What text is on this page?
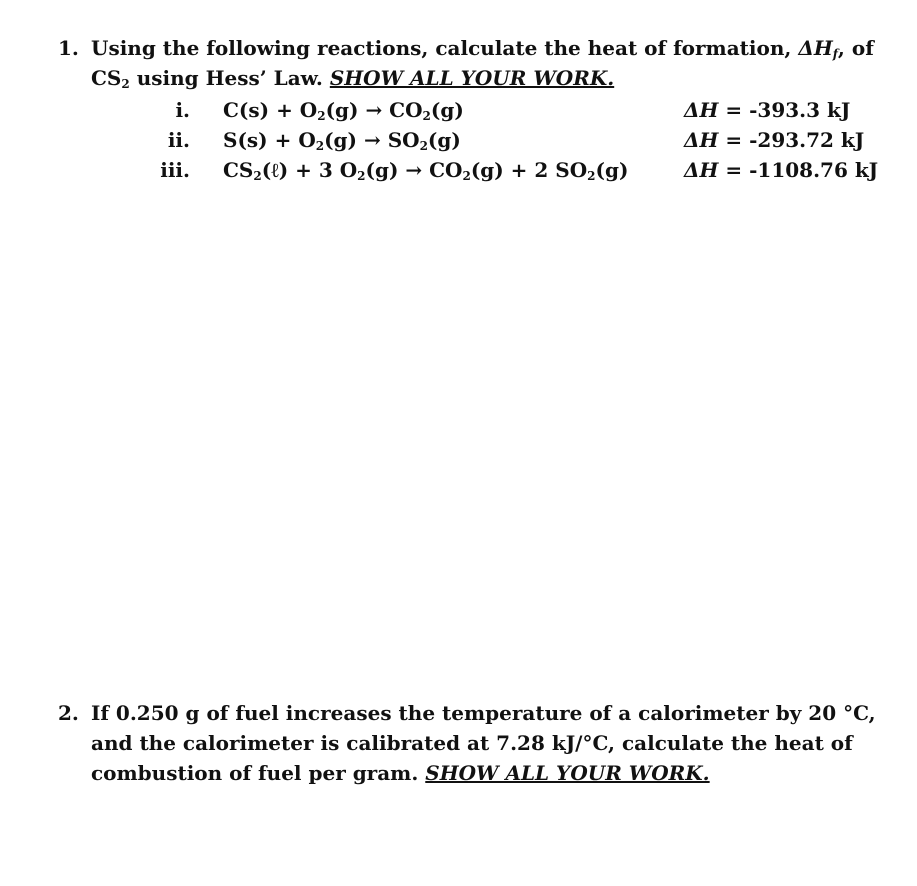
1. Using the following reactions, calculate the heat of formation, $\Delta H_f$, of
$CS_2$ using Hess’ Law. SHOW ALL YOUR WORK.
i. $C(s) + O_2(g) \to CO_2(g)$	ΔH = -393.3 kJ
ii. $S(s) + O_2(g) \to SO_2(g)$	ΔH = -293.72 kJ
iii. $CS_2(\ell) + 3$ $O_2(g) \to CO_2(g) + 2$ $SO_2(g)$	ΔH = -1108.76 kJ
2. If 0.250 g of fuel increases the temperature of a calorimeter by 20 °C,
and the calorimeter is calibrated at 7.28 kJ/°C, calculate the heat of
combustion of fuel per gram. SHOW ALL YOUR WORK.
